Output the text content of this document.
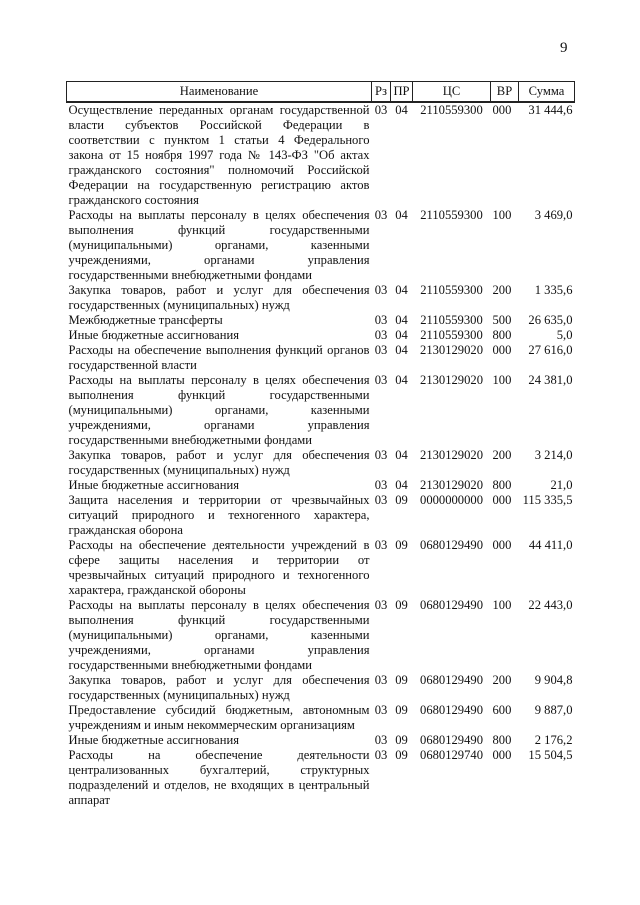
9
Наименование	Рз	ПР	ЦС	ВР	Сумма
Осуществление переданных органам государственной власти субъектов Российской Федерации в соответствии с пунктом 1 статьи 4 Федерального закона от 15 ноября 1997 года № 143-ФЗ "Об актах гражданского состояния" полномочий Российской Федерации на государственную регистрацию актов гражданского состояния	03	04	2110559300	000	31 444,6
Расходы на выплаты персоналу в целях обеспечения выполнения функций государственными (муниципальными) органами, казенными учреждениями, органами управления государственными внебюджетными фондами	03	04	2110559300	100	3 469,0
Закупка товаров, работ и услуг для обеспечения государственных (муниципальных) нужд	03	04	2110559300	200	1 335,6
Межбюджетные трансферты	03	04	2110559300	500	26 635,0
Иные бюджетные ассигнования	03	04	2110559300	800	5,0
Расходы на обеспечение выполнения функций органов государственной власти	03	04	2130129020	000	27 616,0
Расходы на выплаты персоналу в целях обеспечения выполнения функций государственными (муниципальными) органами, казенными учреждениями, органами управления государственными внебюджетными фондами	03	04	2130129020	100	24 381,0
Закупка товаров, работ и услуг для обеспечения государственных (муниципальных) нужд	03	04	2130129020	200	3 214,0
Иные бюджетные ассигнования	03	04	2130129020	800	21,0
Защита населения и территории от чрезвычайных ситуаций природного и техногенного характера, гражданская оборона	03	09	0000000000	000	115 335,5
Расходы на обеспечение деятельности учреждений в сфере защиты населения и территории от чрезвычайных ситуаций природного и техногенного характера, гражданской обороны	03	09	0680129490	000	44 411,0
Расходы на выплаты персоналу в целях обеспечения выполнения функций государственными (муниципальными) органами, казенными учреждениями, органами управления государственными внебюджетными фондами	03	09	0680129490	100	22 443,0
Закупка товаров, работ и услуг для обеспечения государственных (муниципальных) нужд	03	09	0680129490	200	9 904,8
Предоставление субсидий бюджетным, автономным учреждениям и иным некоммерческим организациям	03	09	0680129490	600	9 887,0
Иные бюджетные ассигнования	03	09	0680129490	800	2 176,2
Расходы на обеспечение деятельности централизованных бухгалтерий, структурных подразделений и отделов, не входящих в центральный аппарат	03	09	0680129740	000	15 504,5
